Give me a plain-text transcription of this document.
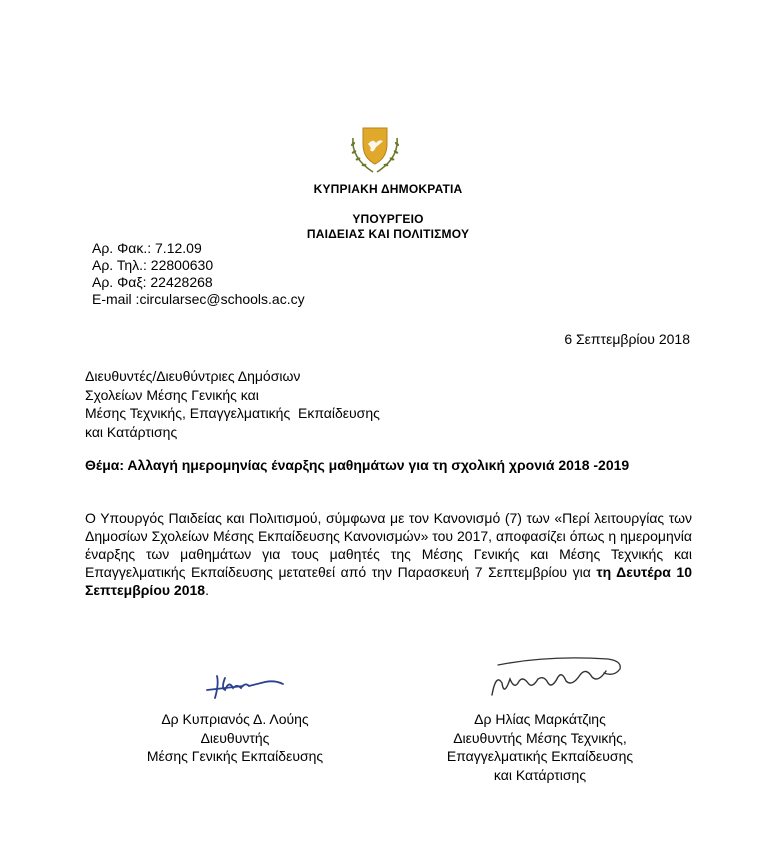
ΚΥΠΡΙΑΚΗ ΔΗΜΟΚΡΑΤΙΑ
ΥΠΟΥΡΓΕΙΟ
ΠΑΙΔΕΙΑΣ ΚΑΙ ΠΟΛΙΤΙΣΜΟΥ
Αρ. Φακ.: 7.12.09
Αρ. Τηλ.: 22800630
Αρ. Φαξ: 22428268
E-mail :circularsec@schools.ac.cy
6 Σεπτεμβρίου 2018
Διευθυντές/Διευθύντριες Δημόσιων
Σχολείων Μέσης Γενικής και
Μέσης Τεχνικής, Επαγγελματικής  Εκπαίδευσης
και Κατάρτισης
Θέμα: Αλλαγή ημερομηνίας έναρξης μαθημάτων για τη σχολική χρονιά 2018 -2019
Ο Υπουργός Παιδείας και Πολιτισμού, σύμφωνα με τον Κανονισμό (7) των «Περί λειτουργίας των Δημοσίων Σχολείων Μέσης Εκπαίδευσης Κανονισμών» του 2017, αποφασίζει όπως η ημερομηνία έναρξης των μαθημάτων για τους μαθητές της Μέσης Γενικής και Μέσης Τεχνικής και Επαγγελματικής Εκπαίδευσης μετατεθεί από την Παρασκευή 7 Σεπτεμβρίου για τη Δευτέρα 10 Σεπτεμβρίου 2018.
Δρ Κυπριανός Δ. Λούης
Διευθυντής
Μέσης Γενικής Εκπαίδευσης
Δρ Ηλίας Μαρκάτζιης
Διευθυντής Μέσης Τεχνικής,
Επαγγελματικής Εκπαίδευσης
και Κατάρτισης
